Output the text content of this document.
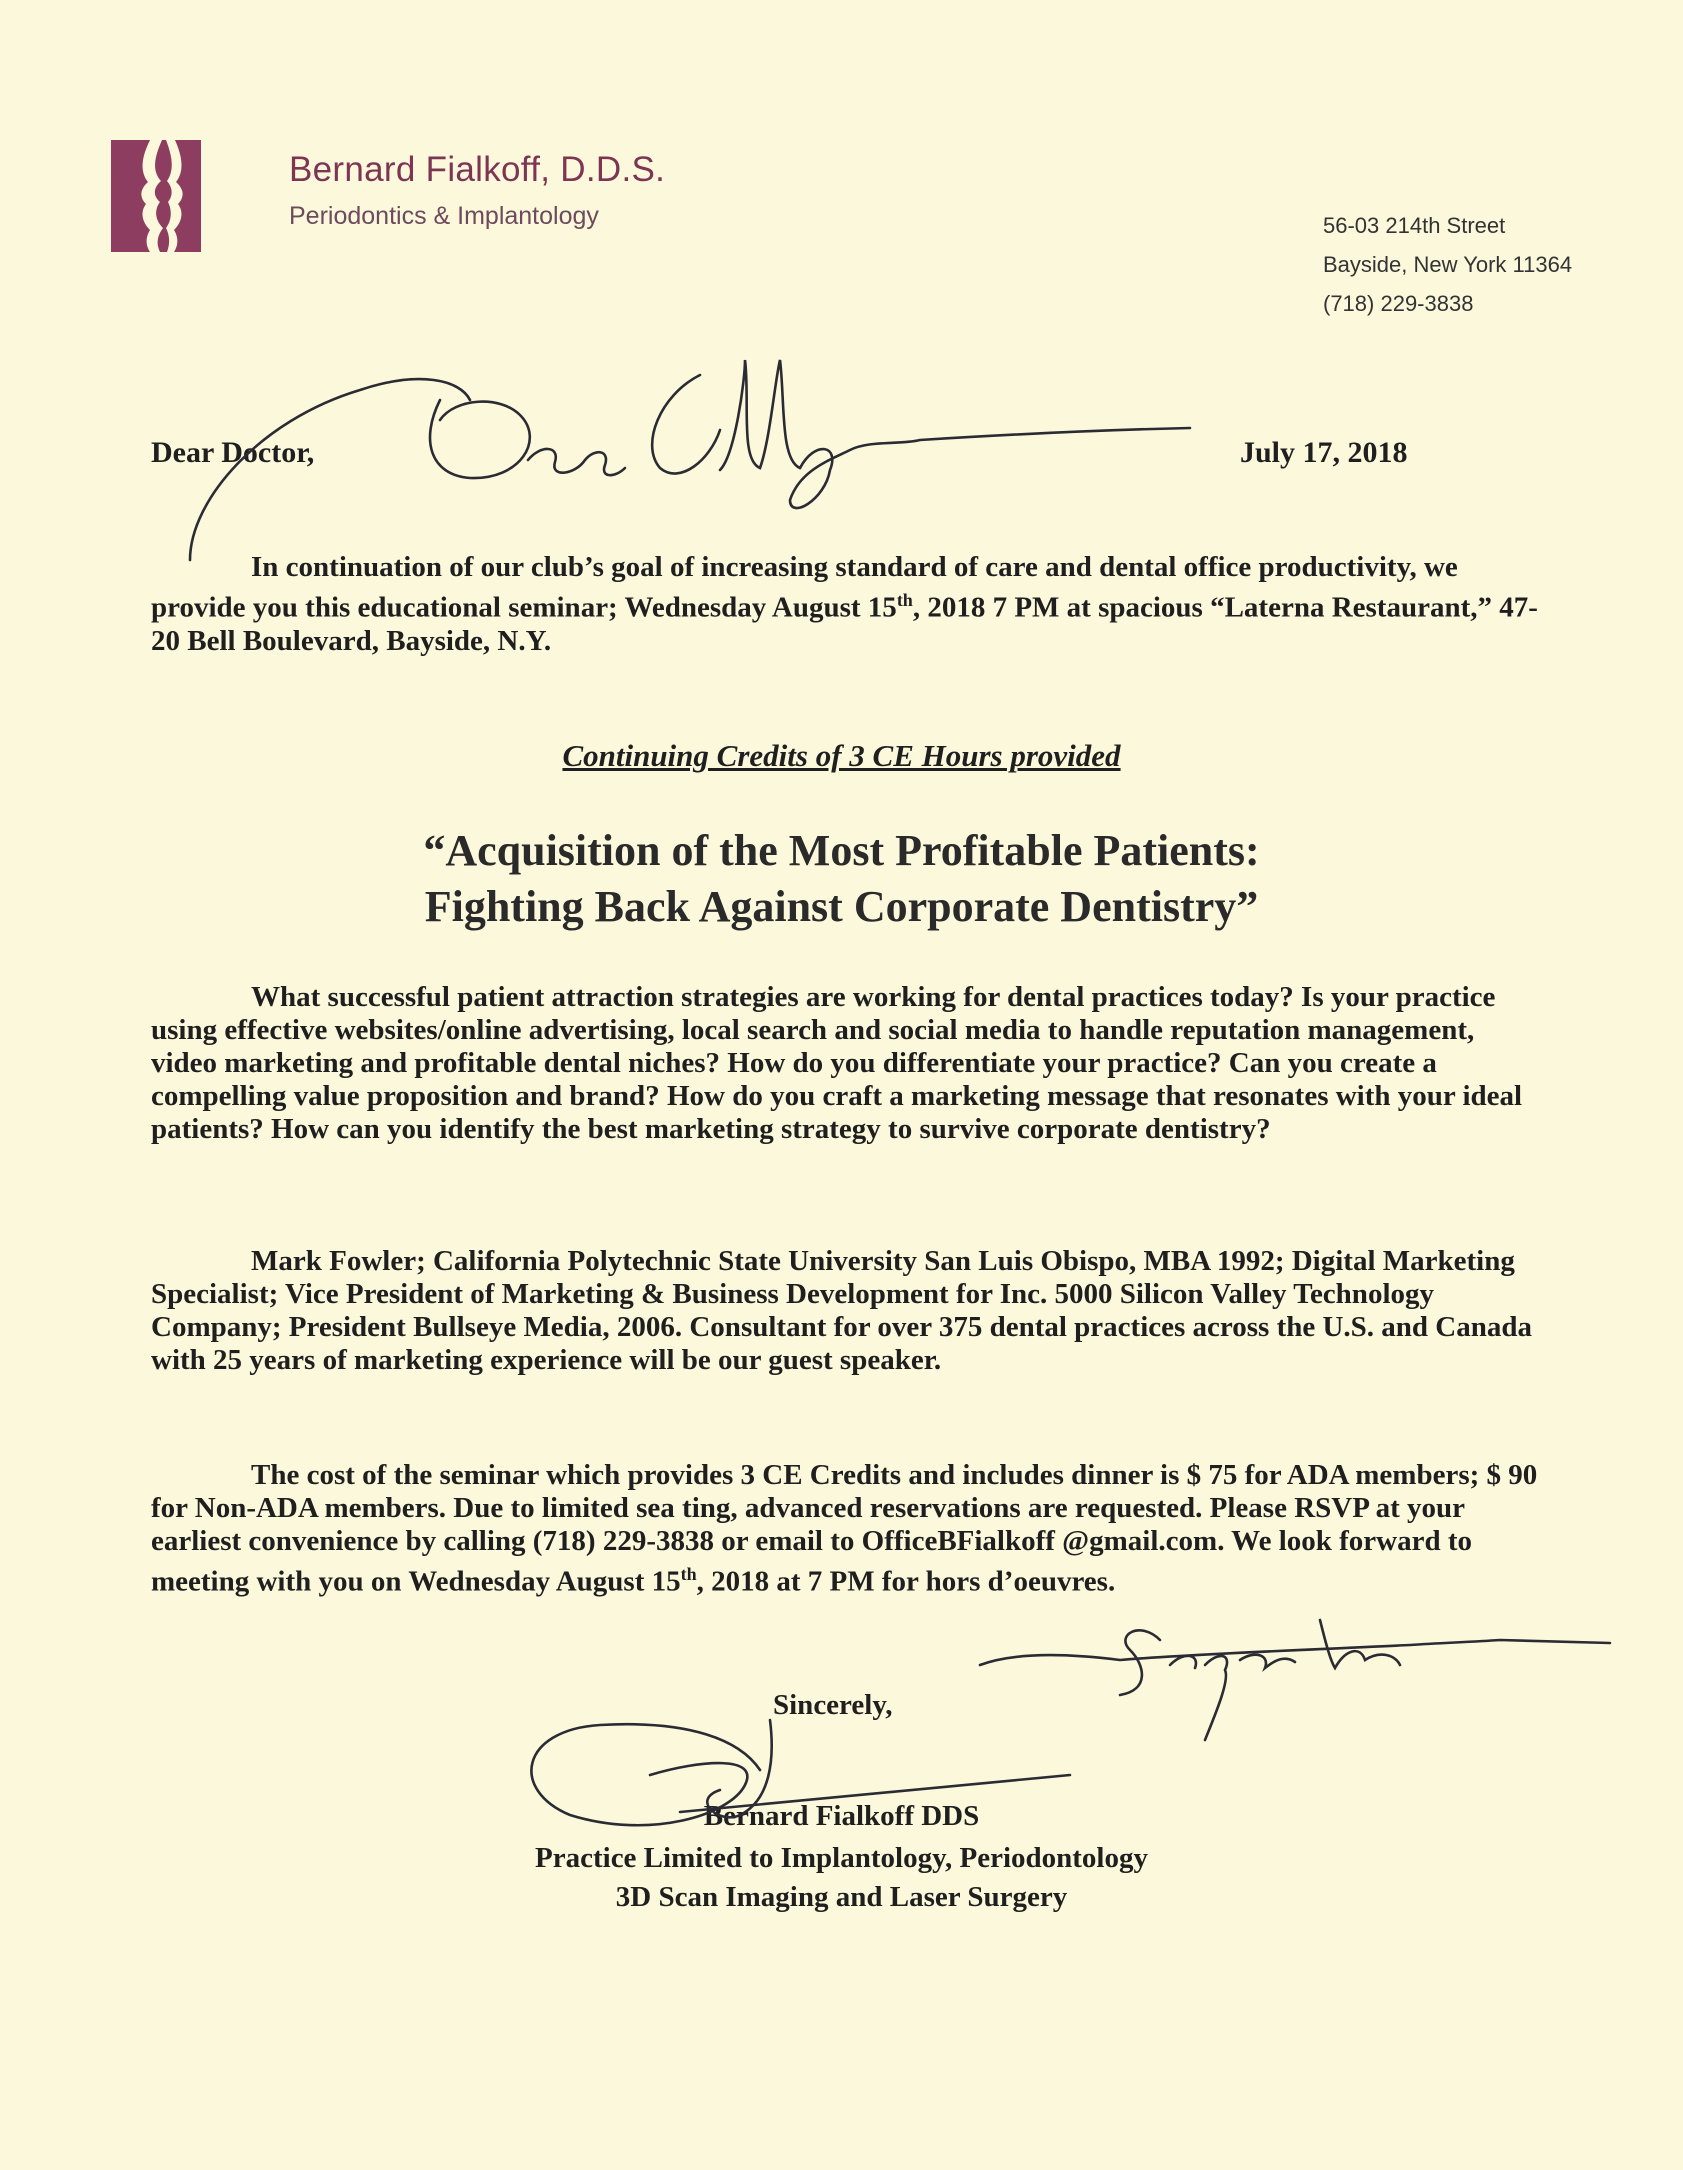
Bernard Fialkoff, D.D.S.
Periodontics & Implantology	56-03 214th Street
Bayside, New York 11364
(718) 229-3838
Dear Doctor,	July 17, 2018
In continuation of our club’s goal of increasing standard of care and dental office productivity, we provide you this educational seminar; Wednesday August 15th, 2018 7 PM at spacious “Laterna Restaurant,” 47-20 Bell Boulevard, Bayside, N.Y.
Continuing Credits of 3 CE Hours provided
“Acquisition of the Most Profitable Patients:
Fighting Back Against Corporate Dentistry”
What successful patient attraction strategies are working for dental practices today? Is your practice using effective websites/online advertising, local search and social media to handle reputation management, video marketing and profitable dental niches? How do you differentiate your practice? Can you create a compelling value proposition and brand? How do you craft a marketing message that resonates with your ideal patients? How can you identify the best marketing strategy to survive corporate dentistry?
Mark Fowler; California Polytechnic State University San Luis Obispo, MBA 1992; Digital Marketing Specialist; Vice President of Marketing & Business Development for Inc. 5000 Silicon Valley Technology Company; President Bullseye Media, 2006. Consultant for over 375 dental practices across the U.S. and Canada with 25 years of marketing experience will be our guest speaker.
The cost of the seminar which provides 3 CE Credits and includes dinner is $ 75 for ADA members; $ 90 for Non-ADA members. Due to limited sea ting, advanced reservations are requested. Please RSVP at your earliest convenience by calling (718) 229-3838 or email to OfficeBFialkoff @gmail.com. We look forward to meeting with you on Wednesday August 15th, 2018 at 7 PM for hors d’oeuvres.
Sincerely,
Bernard Fialkoff DDS
Practice Limited to Implantology, Periodontology
3D Scan Imaging and Laser Surgery
